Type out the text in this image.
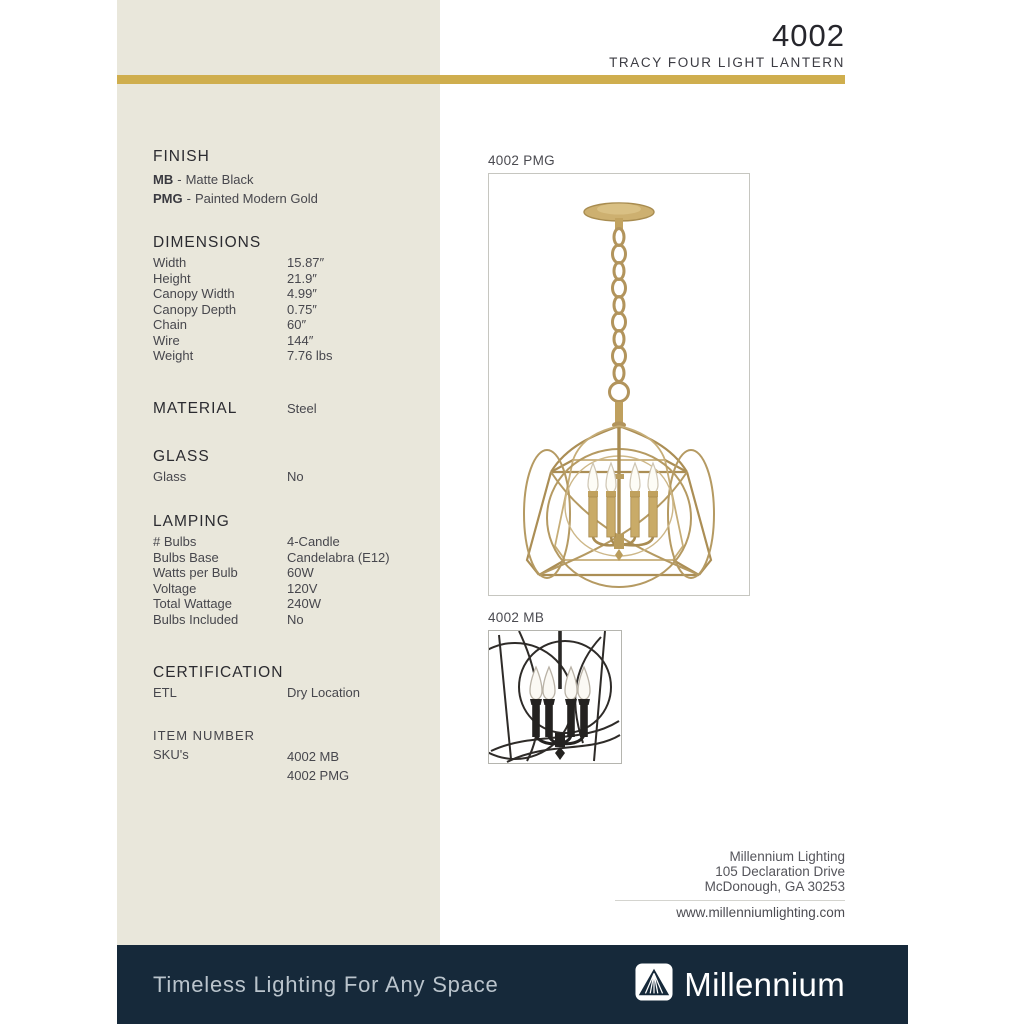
4002
TRACY FOUR LIGHT LANTERN
FINISH
MB - Matte Black
PMG - Painted Modern Gold
DIMENSIONS
Width	15.87″
Height	21.9″
Canopy Width	4.99″
Canopy Depth	0.75″
Chain	60″
Wire	144″
Weight	7.76 lbs
MATERIAL	Steel
GLASS
Glass	No
LAMPING
# Bulbs	4-Candle
Bulbs Base	Candelabra (E12)
Watts per Bulb	60W
Voltage	120V
Total Wattage	240W
Bulbs Included	No
CERTIFICATION
ETL	Dry Location
ITEM NUMBER
SKU's	4002 MB
4002 PMG
4002 PMG
4002 MB
Millennium Lighting
105 Declaration Drive
McDonough, GA 30253
www.millenniumlighting.com
Timeless Lighting For Any Space	Millennium
